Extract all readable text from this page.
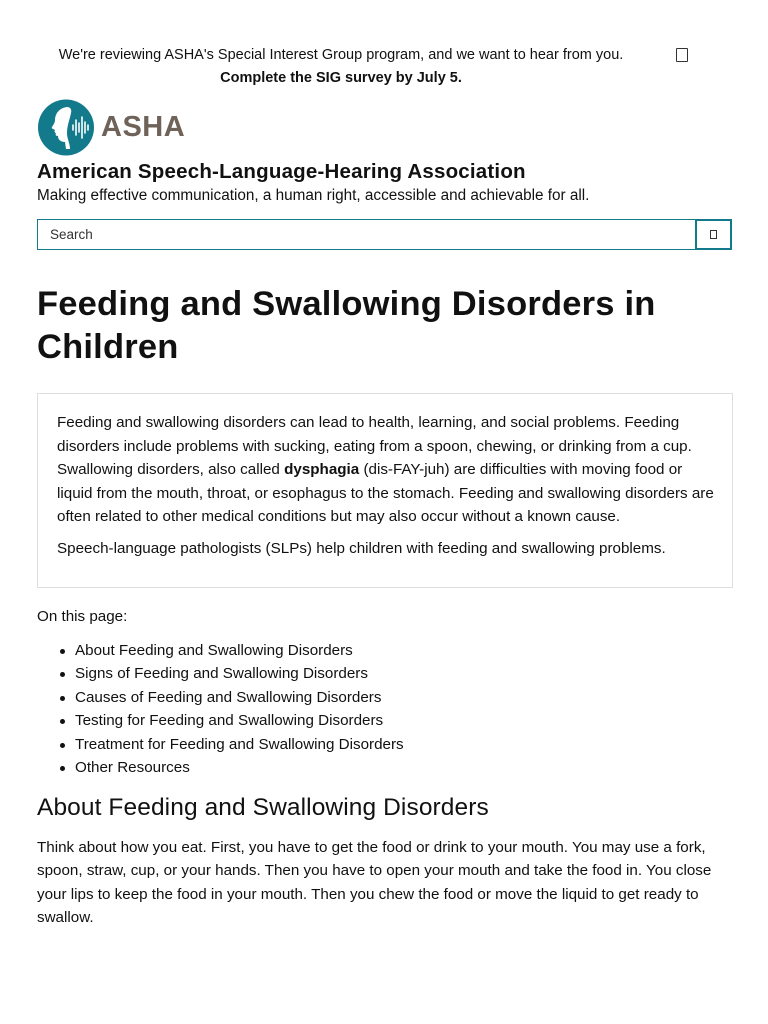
We're reviewing ASHA's Special Interest Group program, and we want to hear from you. Complete the SIG survey by July 5.
ASHA
American Speech-Language-Hearing Association
Making effective communication, a human right, accessible and achievable for all.
Search
Feeding and Swallowing Disorders in Children

Feeding and swallowing disorders can lead to health, learning, and social problems. Feeding disorders include problems with sucking, eating from a spoon, chewing, or drinking from a cup. Swallowing disorders, also called dysphagia (dis-FAY-juh) are difficulties with moving food or liquid from the mouth, throat, or esophagus to the stomach. Feeding and swallowing disorders are often related to other medical conditions but may also occur without a known cause.

Speech-language pathologists (SLPs) help children with feeding and swallowing problems.

On this page:
About Feeding and Swallowing Disorders
Signs of Feeding and Swallowing Disorders
Causes of Feeding and Swallowing Disorders
Testing for Feeding and Swallowing Disorders
Treatment for Feeding and Swallowing Disorders
Other Resources
About Feeding and Swallowing Disorders

Think about how you eat. First, you have to get the food or drink to your mouth. You may use a fork, spoon, straw, cup, or your hands. Then you have to open your mouth and take the food in. You close your lips to keep the food in your mouth. Then you chew the food or move the liquid to get ready to swallow.
